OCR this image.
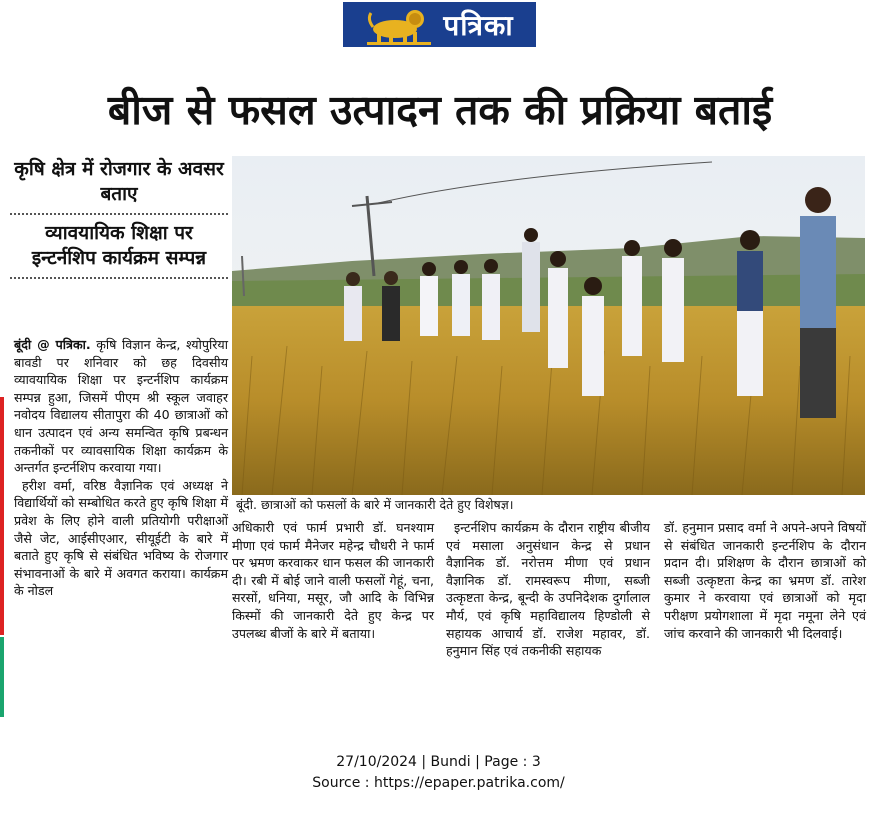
पत्रिका
बीज से फसल उत्पादन तक की प्रक्रिया बताई
कृषि क्षेत्र में रोजगार के अवसर बताए
व्यावयायिक शिक्षा पर इन्टर्नशिप कार्यक्रम सम्पन्न
बूंदी @ पत्रिका. कृषि विज्ञान केन्द्र, श्योपुरिया बावडी पर शनिवार को छह दिवसीय व्यावयायिक शिक्षा पर इन्टर्नशिप कार्यक्रम सम्पन्न हुआ, जिसमें पीएम श्री स्कूल जवाहर नवोदय विद्यालय सीतापुरा की 40 छात्राओं को धान उत्पादन एवं अन्य समन्वित कृषि प्रबन्धन तकनीकों पर व्यावसायिक शिक्षा कार्यक्रम के अन्तर्गत इन्टर्नशिप करवाया गया।
हरीश वर्मा, वरिष्ठ वैज्ञानिक एवं अध्यक्ष ने विद्यार्थियों को सम्बोधित करते हुए कृषि शिक्षा में प्रवेश के लिए होने वाली प्रतियोगी परीक्षाओं जैसे जेट, आईसीएआर, सीयूईटी के बारे में बताते हुए कृषि से संबंधित भविष्य के रोजगार संभावनाओं के बारे में अवगत कराया। कार्यक्रम के नोडल
बूंदी. छात्राओं को फसलों के बारे में जानकारी देते हुए विशेषज्ञ।
अधिकारी एवं फार्म प्रभारी डॉ. घनश्याम मीणा एवं फार्म मैनेजर महेन्द्र चौधरी ने फार्म पर भ्रमण करवाकर धान फसल की जानकारी दी। रबी में बोई जाने वाली फसलों गेहूं, चना, सरसों, धनिया, मसूर, जौ आदि के विभिन्न किस्मों की जानकारी देते हुए केन्द्र पर उपलब्ध बीजों के बारे में बताया।
इन्टर्नशिप कार्यक्रम के दौरान राष्ट्रीय बीजीय एवं मसाला अनुसंधान केन्द्र से प्रधान वैज्ञानिक डॉ. नरोत्तम मीणा एवं प्रधान वैज्ञानिक डॉ. रामस्वरूप मीणा, सब्जी उत्कृष्टता केन्द्र, बून्दी के उपनिदेशक दुर्गालाल मौर्य, एवं कृषि महाविद्यालय हिण्डोली से सहायक आचार्य डॉ. राजेश महावर, डॉ. हनुमान सिंह एवं तकनीकी सहायक
डॉ. हनुमान प्रसाद वर्मा ने अपने-अपने विषयों से संबंधित जानकारी इन्टर्नशिप के दौरान प्रदान दी। प्रशिक्षण के दौरान छात्राओं को सब्जी उत्कृष्टता केन्द्र का भ्रमण डॉ. तारेश कुमार ने करवाया एवं छात्राओं को मृदा परीक्षण प्रयोगशाला में मृदा नमूना लेने एवं जांच करवाने की जानकारी भी दिलवाई।
27/10/2024 | Bundi | Page : 3
Source : https://epaper.patrika.com/
